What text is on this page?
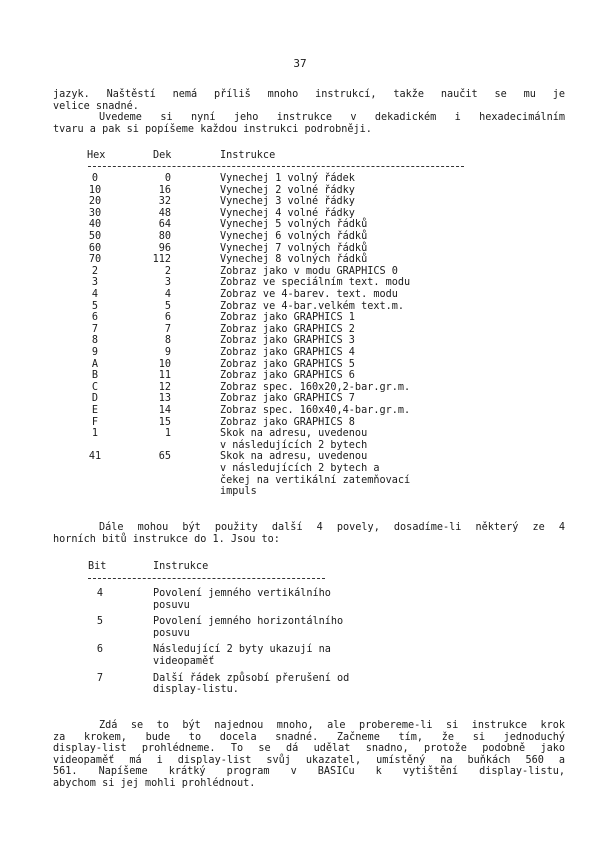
37
jazyk. Naštěstí nemá příliš mnoho instrukcí, takže naučit se mu je
velice snadné.
Uvedeme si nyní jeho instrukce v dekadickém i hexadecimálním
tvaru a pak si popíšeme každou instrukci podrobněji.
Hex	Dek	Instrukce
0	0	Vynechej 1 volný řádek
10	16	Vynechej 2 volné řádky
20	32	Vynechej 3 volné řádky
30	48	Vynechej 4 volné řádky
40	64	Vynechej 5 volných řádků
50	80	Vynechej 6 volných řádků
60	96	Vynechej 7 volných řádků
70	112	Vynechej 8 volných řádků
2	2	Zobraz jako v modu GRAPHICS 0
3	3	Zobraz ve speciálním text. modu
4	4	Zobraz ve 4-barev. text. modu
5	5	Zobraz ve 4-bar.velkém text.m.
6	6	Zobraz jako GRAPHICS 1
7	7	Zobraz jako GRAPHICS 2
8	8	Zobraz jako GRAPHICS 3
9	9	Zobraz jako GRAPHICS 4
A	10	Zobraz jako GRAPHICS 5
B	11	Zobraz jako GRAPHICS 6
C	12	Zobraz spec. 160x20,2-bar.gr.m.
D	13	Zobraz jako GRAPHICS 7
E	14	Zobraz spec. 160x40,4-bar.gr.m.
F	15	Zobraz jako GRAPHICS 8
1	1	Skok na adresu, uvedenou
v následujících 2 bytech
41	65	Skok na adresu, uvedenou
v následujících 2 bytech a
čekej na vertikální zatemňovací
impuls
Dále mohou být použity další 4 povely, dosadíme-li některý ze 4
horních bitů instrukce do 1. Jsou to:
Bit	Instrukce
4	Povolení jemného vertikálního
posuvu
5	Povolení jemného horizontálního
posuvu
6	Následující 2 byty ukazují na
videopaměť
7	Další řádek způsobí přerušení od
display-listu.
Zdá se to být najednou mnoho, ale probereme-li si instrukce krok
za krokem, bude to docela snadné. Začneme tím, že si jednoduchý
display-list prohlédneme. To se dá udělat snadno, protože podobně jako
videopaměť má i display-list svůj ukazatel, umístěný na buňkách 560 a
561. Napíšeme krátký program v BASICu k vytištění display-listu,
abychom si jej mohli prohlédnout.
